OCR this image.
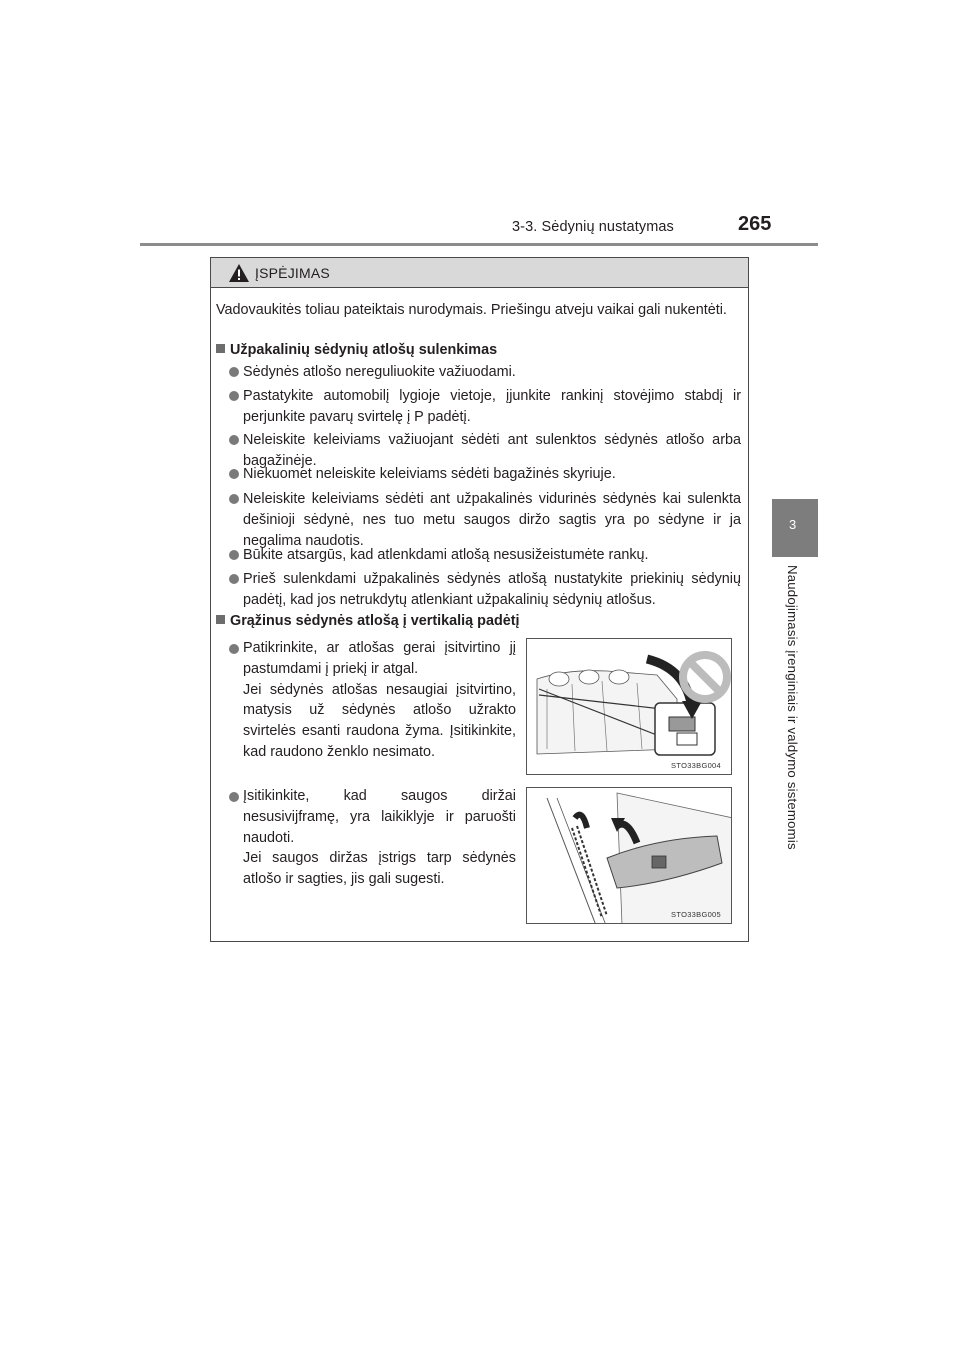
3-3. Sėdynių nustatymas	265
3
Naudojimasis įrenginiais ir valdymo sistemomis
ĮSPĖJIMAS
Vadovaukitės toliau pateiktais nurodymais. Priešingu atveju vaikai gali nukentėti.
Užpakalinių sėdynių atlošų sulenkimas
Sėdynės atlošo nereguliuokite važiuodami.
Pastatykite automobilį lygioje vietoje, įjunkite rankinį stovėjimo stabdį ir perjunkite pavarų svirtelę į P padėtį.
Neleiskite keleiviams važiuojant sėdėti ant sulenktos sėdynės atlošo arba bagažinėje.
Niekuomet neleiskite keleiviams sėdėti bagažinės skyriuje.
Neleiskite keleiviams sėdėti ant užpakalinės vidurinės sėdynės kai sulenkta dešinioji sėdynė, nes tuo metu saugos diržo sagtis yra po sėdyne ir ja negalima naudotis.
Būkite atsargūs, kad atlenkdami atlošą nesusižeistumėte rankų.
Prieš sulenkdami užpakalinės sėdynės atlošą nustatykite priekinių sėdynių padėtį, kad jos netrukdytų atlenkiant užpakalinių sėdynių atlošus.
Grąžinus sėdynės atlošą į vertikalią padėtį
Patikrinkite, ar atlošas gerai įsitvirtino jį pastumdami į priekį ir atgal.
Jei sėdynės atlošas nesaugiai įsitvirtino, matysis už sėdynės atlošo užrakto svirtelės esanti raudona žyma. Įsitikinkite, kad raudono ženklo nesimato.
STO33BG004
Įsitikinkite, kad saugos diržai nesusivijframę, yra laikiklyje ir paruošti naudoti.
Jei saugos diržas įstrigs tarp sėdynės atlošo ir sagties, jis gali sugesti.
STO33BG005
